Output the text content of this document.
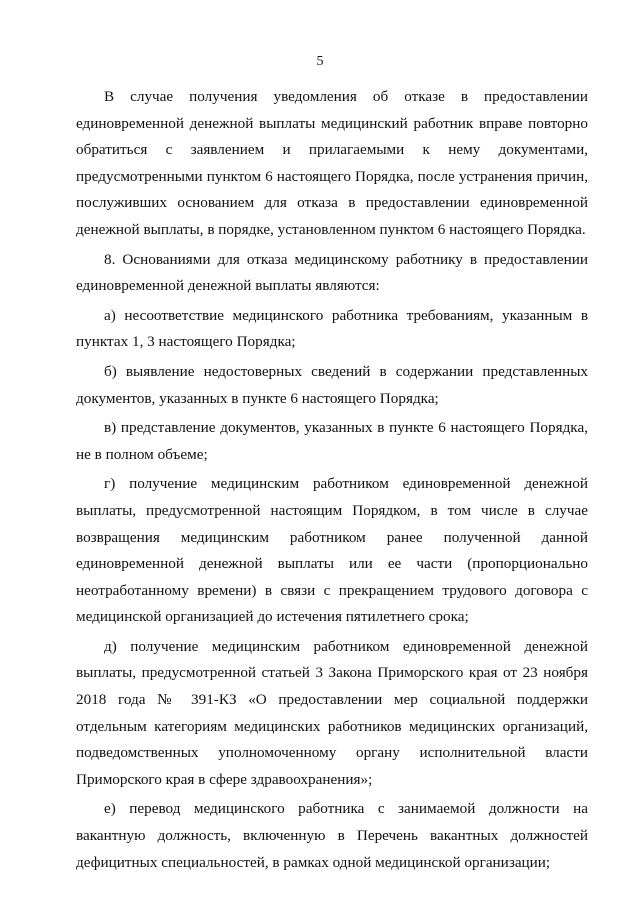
5

В случае получения уведомления об отказе в предоставлении единовременной денежной выплаты медицинский работник вправе повторно обратиться с заявлением и прилагаемыми к нему документами, предусмотренными пунктом 6 настоящего Порядка, после устранения причин, послуживших основанием для отказа в предоставлении единовременной денежной выплаты, в порядке, установленном пунктом 6 настоящего Порядка.

8. Основаниями для отказа медицинскому работнику в предоставлении единовременной денежной выплаты являются:

а) несоответствие медицинского работника требованиям, указанным в пунктах 1, 3 настоящего Порядка;

б) выявление недостоверных сведений в содержании представленных документов, указанных в пункте 6 настоящего Порядка;

в) представление документов, указанных в пункте 6 настоящего Порядка, не в полном объеме;

г) получение медицинским работником единовременной денежной выплаты, предусмотренной настоящим Порядком, в том числе в случае возвращения медицинским работником ранее полученной данной единовременной денежной выплаты или ее части (пропорционально неотработанному времени) в связи с прекращением трудового договора с медицинской организацией до истечения пятилетнего срока;

д) получение медицинским работником единовременной денежной выплаты, предусмотренной статьей 3 Закона Приморского края от 23 ноября 2018 года № 391-КЗ «О предоставлении мер социальной поддержки отдельным категориям медицинских работников медицинских организаций, подведомственных уполномоченному органу исполнительной власти Приморского края в сфере здравоохранения»;

е) перевод медицинского работника с занимаемой должности на вакантную должность, включенную в Перечень вакантных должностей дефицитных специальностей, в рамках одной медицинской организации;
